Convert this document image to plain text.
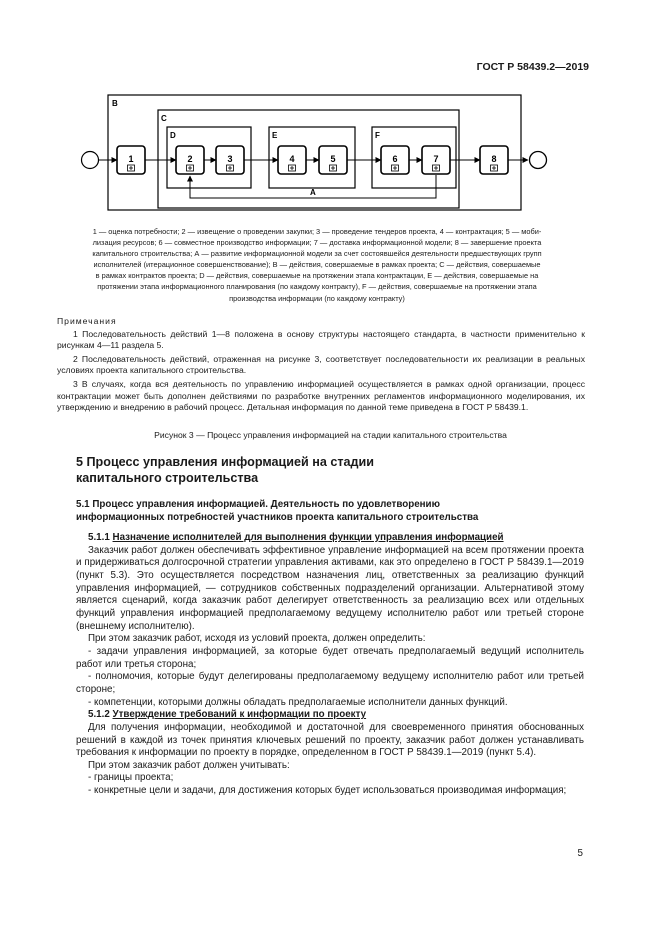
ГОСТ Р 58439.2—2019
B
C
D	E	F
A
1	2	3	4	5	6	7	8
1 — оценка потребности; 2 — извещение о проведении закупки; 3 — проведение тендеров проекта, 4 — контрактация; 5 — моби-
лизация ресурсов; 6 — совместное производство информации; 7 — доставка информационной модели; 8 — завершение проекта
капитального строительства; А — развитие информационной модели за счет состоявшейся деятельности предшествующих групп
исполнителей (итерационное совершенствование); В — действия, совершаемые в рамках проекта; С — действия, совершаемые
в рамках контрактов проекта; D — действия, совершаемые на протяжении этапа контрактации, E — действия, совершаемые на
протяжении этапа информационного планирования (по каждому контракту), F — действия, совершаемые на протяжении этапа
производства информации (по каждому контракту)
Примечания

1 Последовательность действий 1—8 положена в основу структуры настоящего стандарта, в частности применительно к рисункам 4—11 раздела 5.

2 Последовательность действий, отраженная на рисунке 3, соответствует последовательности их реализации в реальных условиях проекта капитального строительства.

3 В случаях, когда вся деятельность по управлению информацией осуществляется в рамках одной организации, процесс контрактации может быть дополнен действиями по разработке внутренних регламентов информационного моделирования, их утверждению и внедрению в рабочий процесс. Детальная информация по данной теме приведена в ГОСТ Р 58439.1.

Рисунок 3 — Процесс управления информацией на стадии капитального строительства
5 Процесс управления информацией на стадии
капитального строительства
5.1 Процесс управления информацией. Деятельность по удовлетворению
информационных потребностей участников проекта капитального строительства

5.1.1 Назначение исполнителей для выполнения функции управления информацией

Заказчик работ должен обеспечивать эффективное управление информацией на всем протяжении проекта и придерживаться долгосрочной стратегии управления активами, как это определено в ГОСТ Р 58439.1—2019 (пункт 5.3). Это осуществляется посредством назначения лиц, ответственных за реализацию функций управления информацией, — сотрудников собственных подразделений организации. Альтернативой этому является сценарий, когда заказчик работ делегирует ответственность за реализацию всех или отдельных функций управления информацией предполагаемому ведущему исполнителю работ или третьей стороне (внешнему исполнителю).

При этом заказчик работ, исходя из условий проекта, должен определить:

- задачи управления информацией, за которые будет отвечать предполагаемый ведущий исполнитель работ или третья сторона;

- полномочия, которые будут делегированы предполагаемому ведущему исполнителю работ или третьей стороне;

- компетенции, которыми должны обладать предполагаемые исполнители данных функций.

5.1.2 Утверждение требований к информации по проекту

Для получения информации, необходимой и достаточной для своевременного принятия обоснованных решений в каждой из точек принятия ключевых решений по проекту, заказчик работ должен устанавливать требования к информации по проекту в порядке, определенном в ГОСТ Р 58439.1—2019 (пункт 5.4).

При этом заказчик работ должен учитывать:

- границы проекта;

- конкретные цели и задачи, для достижения которых будет использоваться производимая информация;

5
